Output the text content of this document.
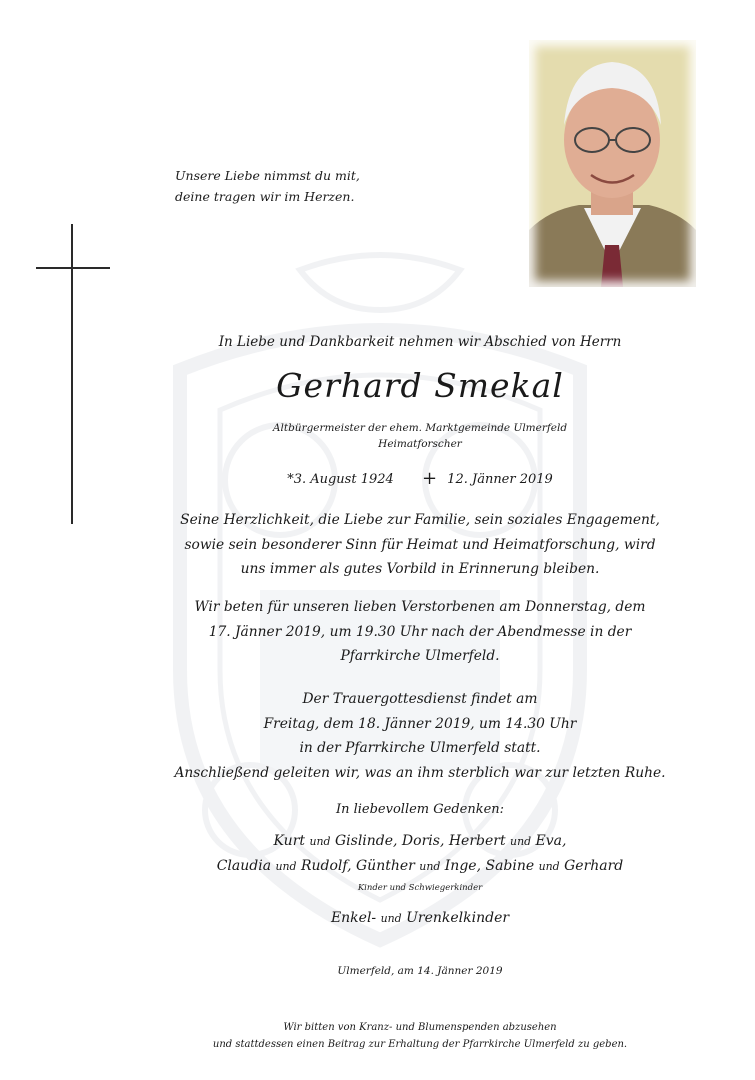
Unsere Liebe nimmst du mit,
deine tragen wir im Herzen.
In Liebe und Dankbarkeit nehmen wir Abschied von Herrn
Gerhard Smekal
Altbürgermeister der ehem. Marktgemeinde Ulmerfeld
Heimatforscher
*3. August 1924 + 12. Jänner 2019
Seine Herzlichkeit, die Liebe zur Familie, sein soziales Engagement,
sowie sein besonderer Sinn für Heimat und Heimatforschung, wird
uns immer als gutes Vorbild in Erinnerung bleiben.
Wir beten für unseren lieben Verstorbenen am Donnerstag, dem
17. Jänner 2019, um 19.30 Uhr nach der Abendmesse in der
Pfarrkirche Ulmerfeld.
Der Trauergottesdienst findet am
Freitag, dem 18. Jänner 2019, um 14.30 Uhr
in der Pfarrkirche Ulmerfeld statt.
Anschließend geleiten wir, was an ihm sterblich war zur letzten Ruhe.
In liebevollem Gedenken:
Kurt und Gislinde, Doris, Herbert und Eva,
Claudia und Rudolf, Günther und Inge, Sabine und Gerhard
Kinder und Schwiegerkinder
Enkel- und Urenkelkinder
Ulmerfeld, am 14. Jänner 2019
Wir bitten von Kranz- und Blumenspenden abzusehen
und stattdessen einen Beitrag zur Erhaltung der Pfarrkirche Ulmerfeld zu geben.
